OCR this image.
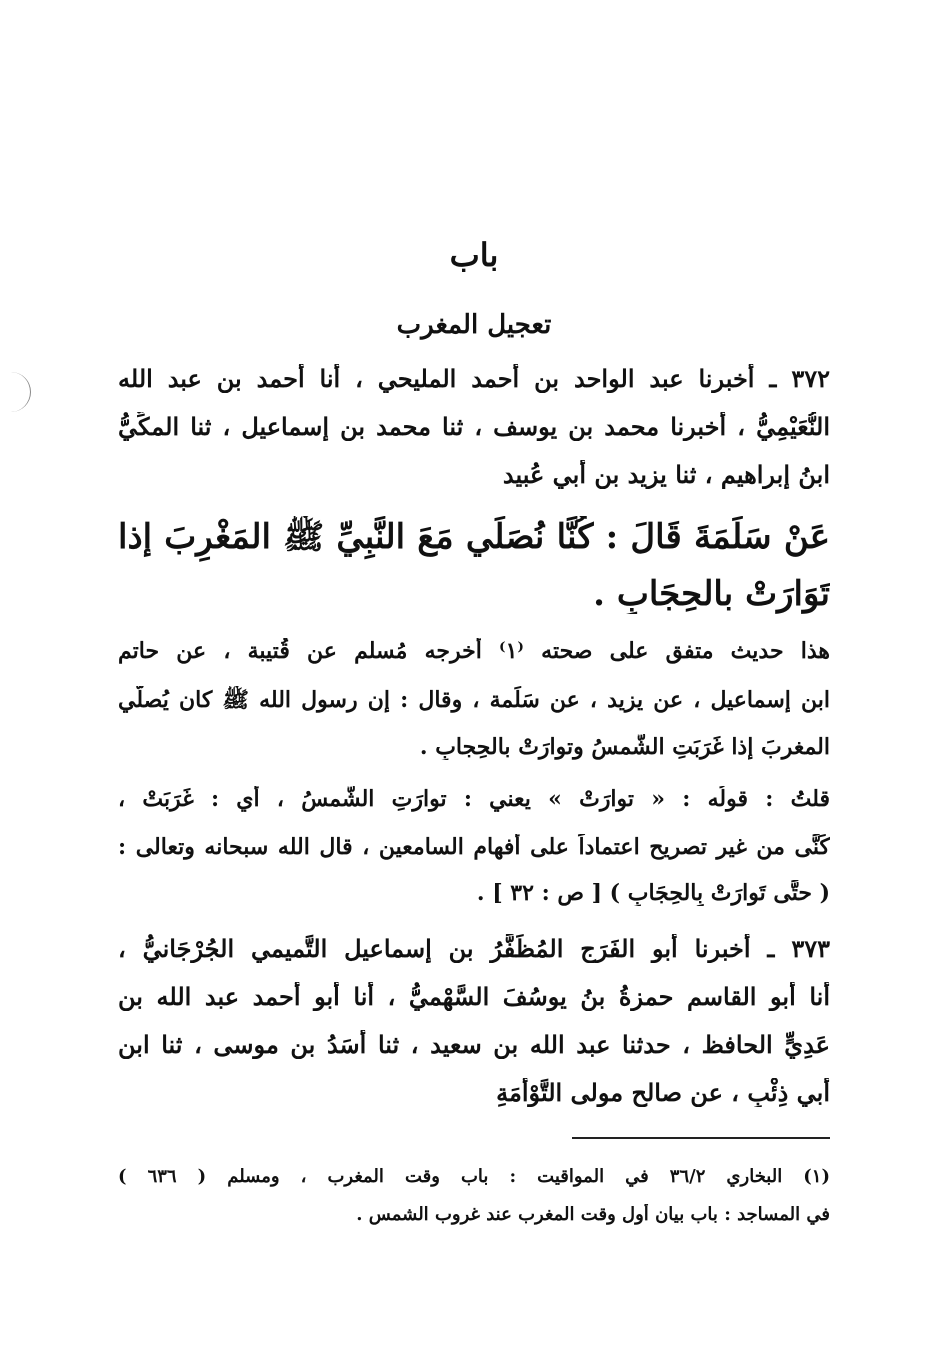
باب
تعجيل المغرب
٣٧٢ ـ أخبرنا عبد الواحد بن أحمد المليحي ، أنا أحمد بن عبد الله
النُّعَيْمِيُّ ، أخبرنا محمد بن يوسف ، ثنا محمد بن إسماعيل ، ثنا المكِّيُّ
ابنُ إبراهيم ، ثنا يزيد بن أبي عُبيد
عَنْ سَلَمَةَ قَالَ : كُنَّا نُصَلِّي مَعَ النَّبِيِّ ﷺ المَغْرِبَ إذا
تَوَارَتْ بالحِجَابِ .
هذا حديث متفق على صحته ⁽١⁾ أخرجه مُسلم عن قُتيبة ، عن حاتم
ابن إسماعيل ، عن يزيد ، عن سَلَمة ، وقال : إن رسول الله ﷺ كان يُصلّي
المغربَ إذا غَرَبَتِ الشَّمسُ وتوارَتْ بالحِجابِ .
قلتُ : قولُه : « توارَتْ » يعني : توارَتِ الشَّمسُ ، أي : غَرَبَتْ ،
كَنَّى من غير تصريح اعتماداً على أفهام السامعين ، قال الله سبحانه وتعالى :
( حتَّى تَوارَتْ بِالحِجَابِ ) [ ص : ٣٢ ] .
٣٧٣ ـ أخبرنا أبو الفَرَجِ المُظَفَّرُ بن إسماعيل التَّميمي الجُرْجَانيُّ ،
أنا أبو القاسم حمزةُ بنُ يوسُفَ السَّهْميُّ ، أنا أبو أحمد عبد الله بن
عَدِيٍّ الحافظ ، حدثنا عبد الله بن سعيد ، ثنا أسَدُ بن موسى ، ثنا ابن
أبي ذِئْبٍ ، عن صالح مولى التَّوْأَمَةِ
(١) البخاري ٣٦/٢ في المواقيت : باب وقت المغرب ، ومسلم ( ٦٣٦ )
في المساجد : باب بيان أول وقت المغرب عند غروب الشمس .
